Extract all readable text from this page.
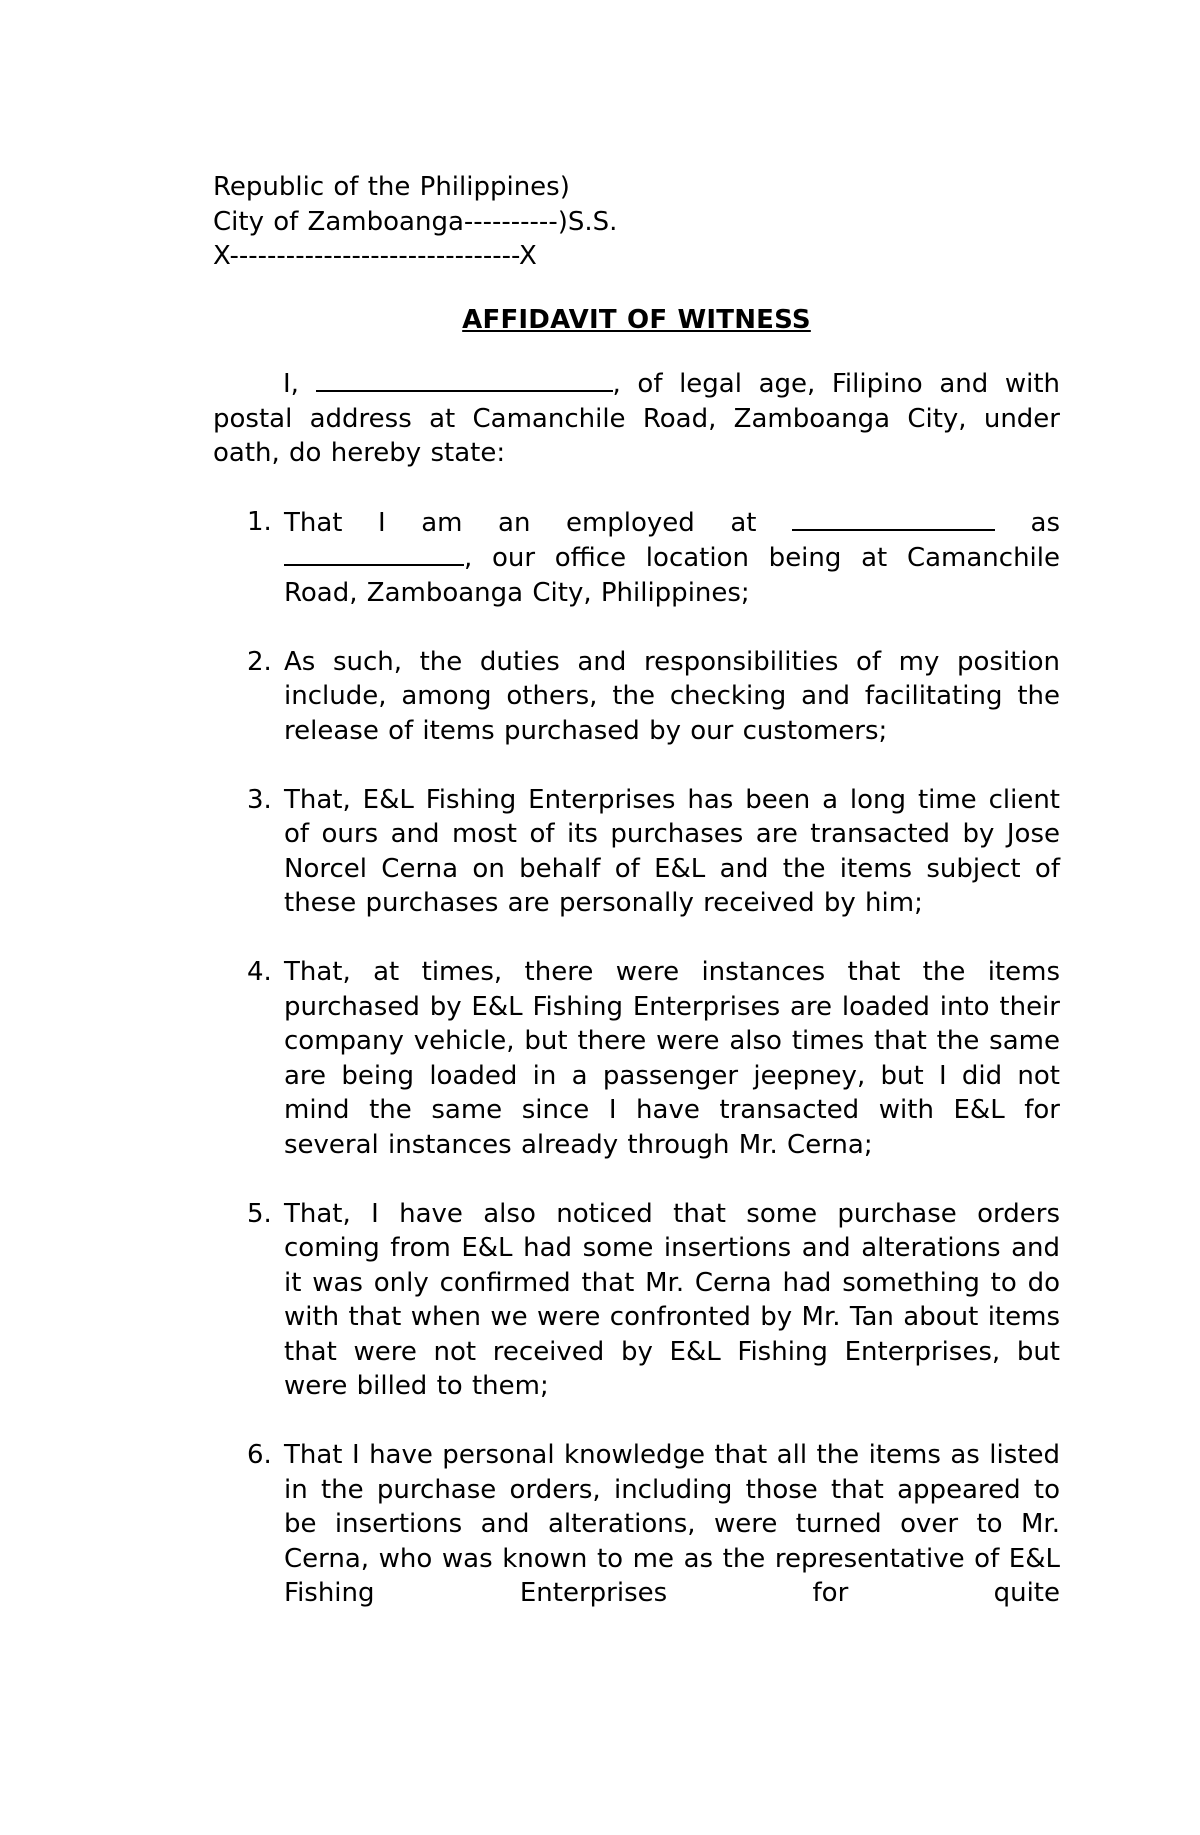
Republic of the Philippines)
City of Zamboanga----------)S.S.
X-------------------------------X
AFFIDAVIT OF WITNESS
I,	, of legal age, Filipino and with postal address at Camanchile Road, Zamboanga City, under oath, do hereby state:
1. That I am an employed at	as
, our office location being at Camanchile Road, Zamboanga City, Philippines;
2. As such, the duties and responsibilities of my position include, among others, the checking and facilitating the release of items purchased by our customers;
3. That, E&L Fishing Enterprises has been a long time client of ours and most of its purchases are transacted by Jose Norcel Cerna on behalf of E&L and the items subject of these purchases are personally received by him;
4. That, at times, there were instances that the items purchased by E&L Fishing Enterprises are loaded into their company vehicle, but there were also times that the same are being loaded in a passenger jeepney, but I did not mind the same since I have transacted with E&L for several instances already through Mr. Cerna;
5. That, I have also noticed that some purchase orders coming from E&L had some insertions and alterations and it was only confirmed that Mr. Cerna had something to do with that when we were confronted by Mr. Tan about items that were not received by E&L Fishing Enterprises, but were billed to them;
6. That I have personal knowledge that all the items as listed in the purchase orders, including those that appeared to be insertions and alterations, were turned over to Mr. Cerna, who was known to me as the representative of E&L Fishing Enterprises for quite
